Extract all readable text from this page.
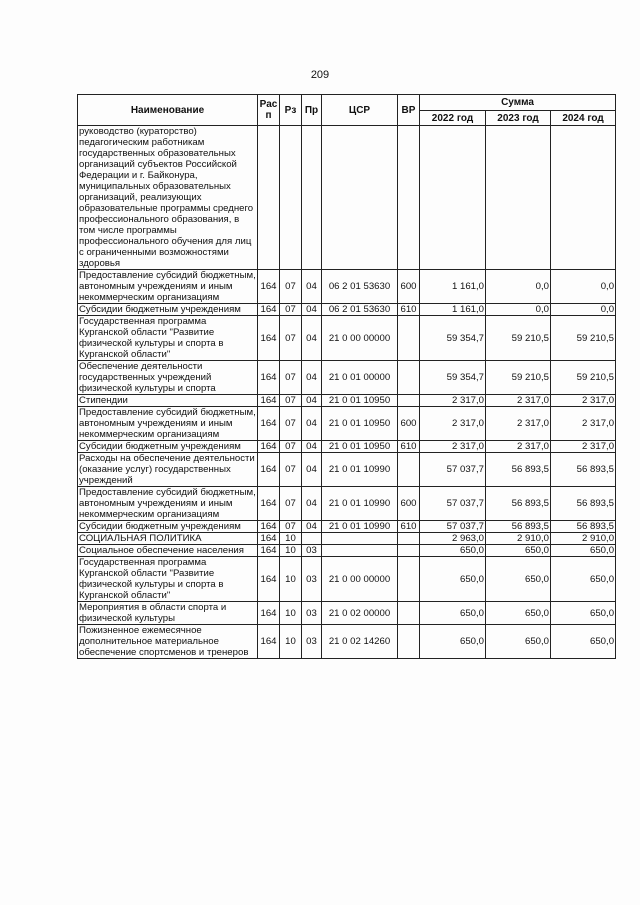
209
Наименование	Рас п	Рз	Пр	ЦСР	ВР	Сумма		
						2022 год	2023 год	2024 год
руководство (кураторство) педагогическим работникам государственных образовательных организаций субъектов Российской Федерации и г. Байконура, муниципальных образовательных организаций, реализующих образовательные программы среднего профессионального образования, в том числе программы профессионального обучения для лиц с ограниченными возможностями здоровья								
Предоставление субсидий бюджетным, автономным учреждениям и иным некоммерческим организациям	164	07	04	06 2 01 53630	600	1 161,0	0,0	0,0
Субсидии бюджетным учреждениям	164	07	04	06 2 01 53630	610	1 161,0	0,0	0,0
Государственная программа Курганской области "Развитие физической культуры и спорта в Курганской области"	164	07	04	21 0 00 00000		59 354,7	59 210,5	59 210,5
Обеспечение деятельности государственных учреждений физической культуры и спорта	164	07	04	21 0 01 00000		59 354,7	59 210,5	59 210,5
Стипендии	164	07	04	21 0 01 10950		2 317,0	2 317,0	2 317,0
Предоставление субсидий бюджетным, автономным учреждениям и иным некоммерческим организациям	164	07	04	21 0 01 10950	600	2 317,0	2 317,0	2 317,0
Субсидии бюджетным учреждениям	164	07	04	21 0 01 10950	610	2 317,0	2 317,0	2 317,0
Расходы на обеспечение деятельности (оказание услуг) государственных учреждений	164	07	04	21 0 01 10990		57 037,7	56 893,5	56 893,5
Предоставление субсидий бюджетным, автономным учреждениям и иным некоммерческим организациям	164	07	04	21 0 01 10990	600	57 037,7	56 893,5	56 893,5
Субсидии бюджетным учреждениям	164	07	04	21 0 01 10990	610	57 037,7	56 893,5	56 893,5
СОЦИАЛЬНАЯ ПОЛИТИКА	164	10				2 963,0	2 910,0	2 910,0
Социальное обеспечение населения	164	10	03			650,0	650,0	650,0
Государственная программа Курганской области "Развитие физической культуры и спорта в Курганской области"	164	10	03	21 0 00 00000		650,0	650,0	650,0
Мероприятия в области спорта и физической культуры	164	10	03	21 0 02 00000		650,0	650,0	650,0
Пожизненное ежемесячное дополнительное материальное обеспечение спортсменов и тренеров	164	10	03	21 0 02 14260		650,0	650,0	650,0
